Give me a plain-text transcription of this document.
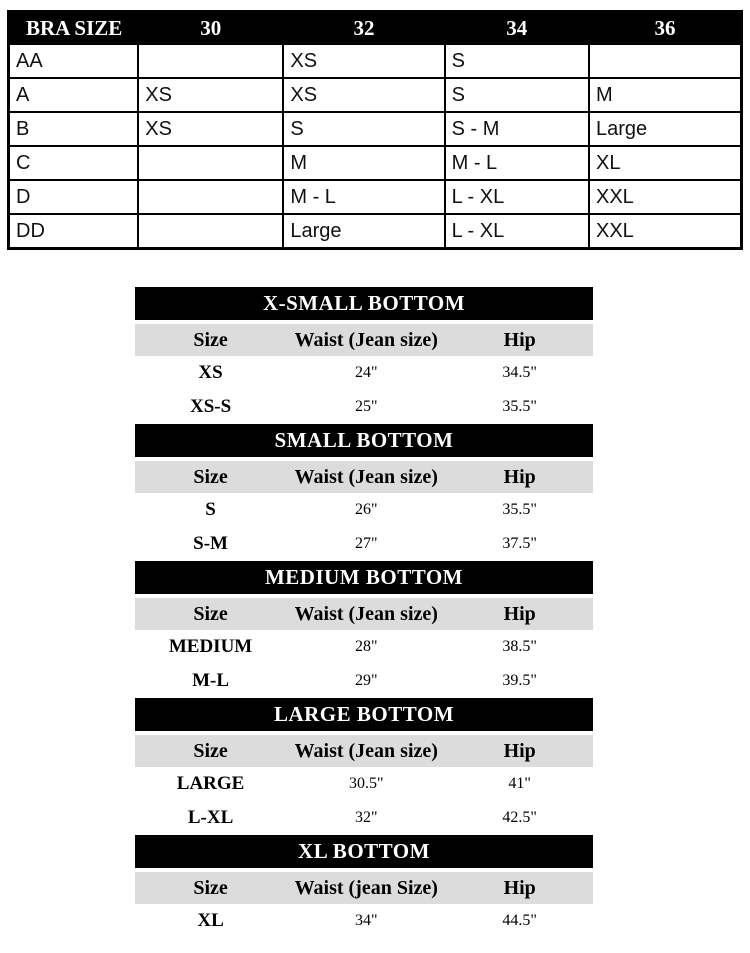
BRA SIZE	30	32	34	36
AA		XS	S	
A	XS	XS	S	M
B	XS	S	S - M	Large
C		M	M - L	XL
D		M - L	L - XL	XXL
DD		Large	L - XL	XXL
X-SMALL BOTTOM
Size	Waist (Jean size)	Hip
XS	24"	34.5"
XS-S	25"	35.5"
SMALL BOTTOM
Size	Waist (Jean size)	Hip
S	26"	35.5"
S-M	27"	37.5"
MEDIUM BOTTOM
Size	Waist (Jean size)	Hip
MEDIUM	28"	38.5"
M-L	29"	39.5"
LARGE BOTTOM
Size	Waist (Jean size)	Hip
LARGE	30.5"	41"
L-XL	32"	42.5"
XL BOTTOM
Size	Waist (jean Size)	Hip
XL	34"	44.5"
